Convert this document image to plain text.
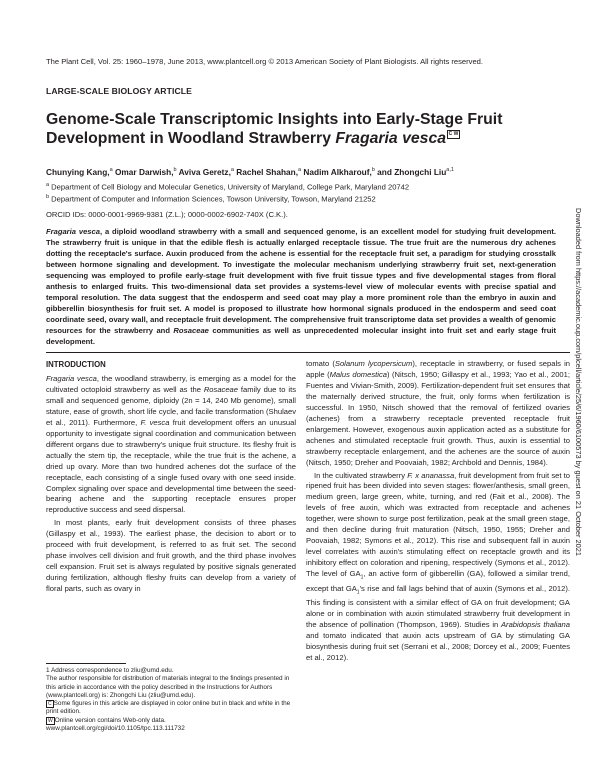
The Plant Cell, Vol. 25: 1960–1978, June 2013, www.plantcell.org © 2013 American Society of Plant Biologists. All rights reserved.
LARGE-SCALE BIOLOGY ARTICLE
Genome-Scale Transcriptomic Insights into Early-Stage Fruit Development in Woodland Strawberry Fragaria vesca C W
Chunying Kang,$^a$ Omar Darwish,$^b$ Aviva Geretz,$^a$ Rachel Shahan,$^a$ Nadim Alkharouf,$^b$ and Zhongchi Liu$^{a,1}$
$^a$ Department of Cell Biology and Molecular Genetics, University of Maryland, College Park, Maryland 20742
$^b$ Department of Computer and Information Sciences, Towson University, Towson, Maryland 21252
ORCID IDs: 0000-0001-9969-9381 (Z.L.); 0000-0002-6902-740X (C.K.).

Fragaria vesca, a diploid woodland strawberry with a small and sequenced genome, is an excellent model for studying fruit development. The strawberry fruit is unique in that the edible flesh is actually enlarged receptacle tissue. The true fruit are the numerous dry achenes dotting the receptacle's surface. Auxin produced from the achene is essential for the receptacle fruit set, a paradigm for studying crosstalk between hormone signaling and development. To investigate the molecular mechanism underlying strawberry fruit set, next-generation sequencing was employed to profile early-stage fruit development with five fruit tissue types and five developmental stages from floral anthesis to enlarged fruits. This two-dimensional data set provides a systems-level view of molecular events with precise spatial and temporal resolution. The data suggest that the endosperm and seed coat may play a more prominent role than the embryo in auxin and gibberellin biosynthesis for fruit set. A model is proposed to illustrate how hormonal signals produced in the endosperm and seed coat coordinate seed, ovary wall, and receptacle fruit development. The comprehensive fruit transcriptome data set provides a wealth of genomic resources for the strawberry and Rosaceae communities as well as unprecedented molecular insight into fruit set and early stage fruit development.

INTRODUCTION

Fragaria vesca, the woodland strawberry, is emerging as a model for the cultivated octoploid strawberry as well as the Rosaceae family due to its small and sequenced genome, diploidy (2n = 14, 240 Mb genome), small stature, ease of growth, short life cycle, and facile transformation (Shulaev et al., 2011). Furthermore, F. vesca fruit development offers an unusual opportunity to investigate signal coordination and communication between different organs due to strawberry's unique fruit structure. Its fleshy fruit is actually the stem tip, the receptacle, while the true fruit is the achene, a dried up ovary. More than two hundred achenes dot the surface of the receptacle, each consisting of a single fused ovary with one seed inside. Complex signaling over space and developmental time between the seed-bearing achene and the supporting receptacle ensures proper reproductive success and seed dispersal.

In most plants, early fruit development consists of three phases (Gillaspy et al., 1993). The earliest phase, the decision to abort or to proceed with fruit development, is referred to as fruit set. The second phase involves cell division and fruit growth, and the third phase involves cell expansion. Fruit set is always regulated by positive signals generated during fertilization, although fleshy fruits can develop from a variety of floral parts, such as ovary in

1 Address correspondence to zliu@umd.edu.

The author responsible for distribution of materials integral to the findings presented in this article in accordance with the policy described in the Instructions for Authors (www.plantcell.org) is: Zhongchi Liu (zliu@umd.edu).

C Some figures in this article are displayed in color online but in black and white in the print edition.

W Online version contains Web-only data.

www.plantcell.org/cgi/doi/10.1105/tpc.113.111732

tomato (Solanum lycopersicum), receptacle in strawberry, or fused sepals in apple (Malus domestica) (Nitsch, 1950; Gillaspy et al., 1993; Yao et al., 2001; Fuentes and Vivian-Smith, 2009). Fertilization-dependent fruit set ensures that the maternally derived structure, the fruit, only forms when fertilization is successful. In 1950, Nitsch showed that the removal of fertilized ovaries (achenes) from a strawberry receptacle prevented receptacle fruit enlargement. However, exogenous auxin application acted as a substitute for achenes and stimulated receptacle fruit growth. Thus, auxin is essential to strawberry receptacle enlargement, and the achenes are the source of auxin (Nitsch, 1950; Dreher and Poovaiah, 1982; Archbold and Dennis, 1984).

In the cultivated strawberry F. x ananassa, fruit development from fruit set to ripened fruit has been divided into seven stages: flower/anthesis, small green, medium green, large green, white, turning, and red (Fait et al., 2008). The levels of free auxin, which was extracted from receptacle and achenes together, were shown to surge post fertilization, peak at the small green stage, and then decline during fruit maturation (Nitsch, 1950, 1955; Dreher and Poovaiah, 1982; Symons et al., 2012). This rise and subsequent fall in auxin level correlates with auxin's stimulating effect on receptacle growth and its inhibitory effect on coloration and ripening, respectively (Symons et al., 2012). The level of $GA_1$, an active form of gibberellin (GA), followed a similar trend, except that $GA_1's$ rise and fall lags behind that of auxin (Symons et al., 2012). This finding is consistent with a similar effect of GA on fruit development; GA alone or in combination with auxin stimulated strawberry fruit development in the absence of pollination (Thompson, 1969). Studies in Arabidopsis thaliana and tomato indicated that auxin acts upstream of GA by stimulating GA biosynthesis during fruit set (Serrani et al., 2008; Dorcey et al., 2009; Fuentes et al., 2012).

Downloaded from https://academic.oup.com/plcell/article/25/6/1960/6100573 by guest on 21 October 2021
